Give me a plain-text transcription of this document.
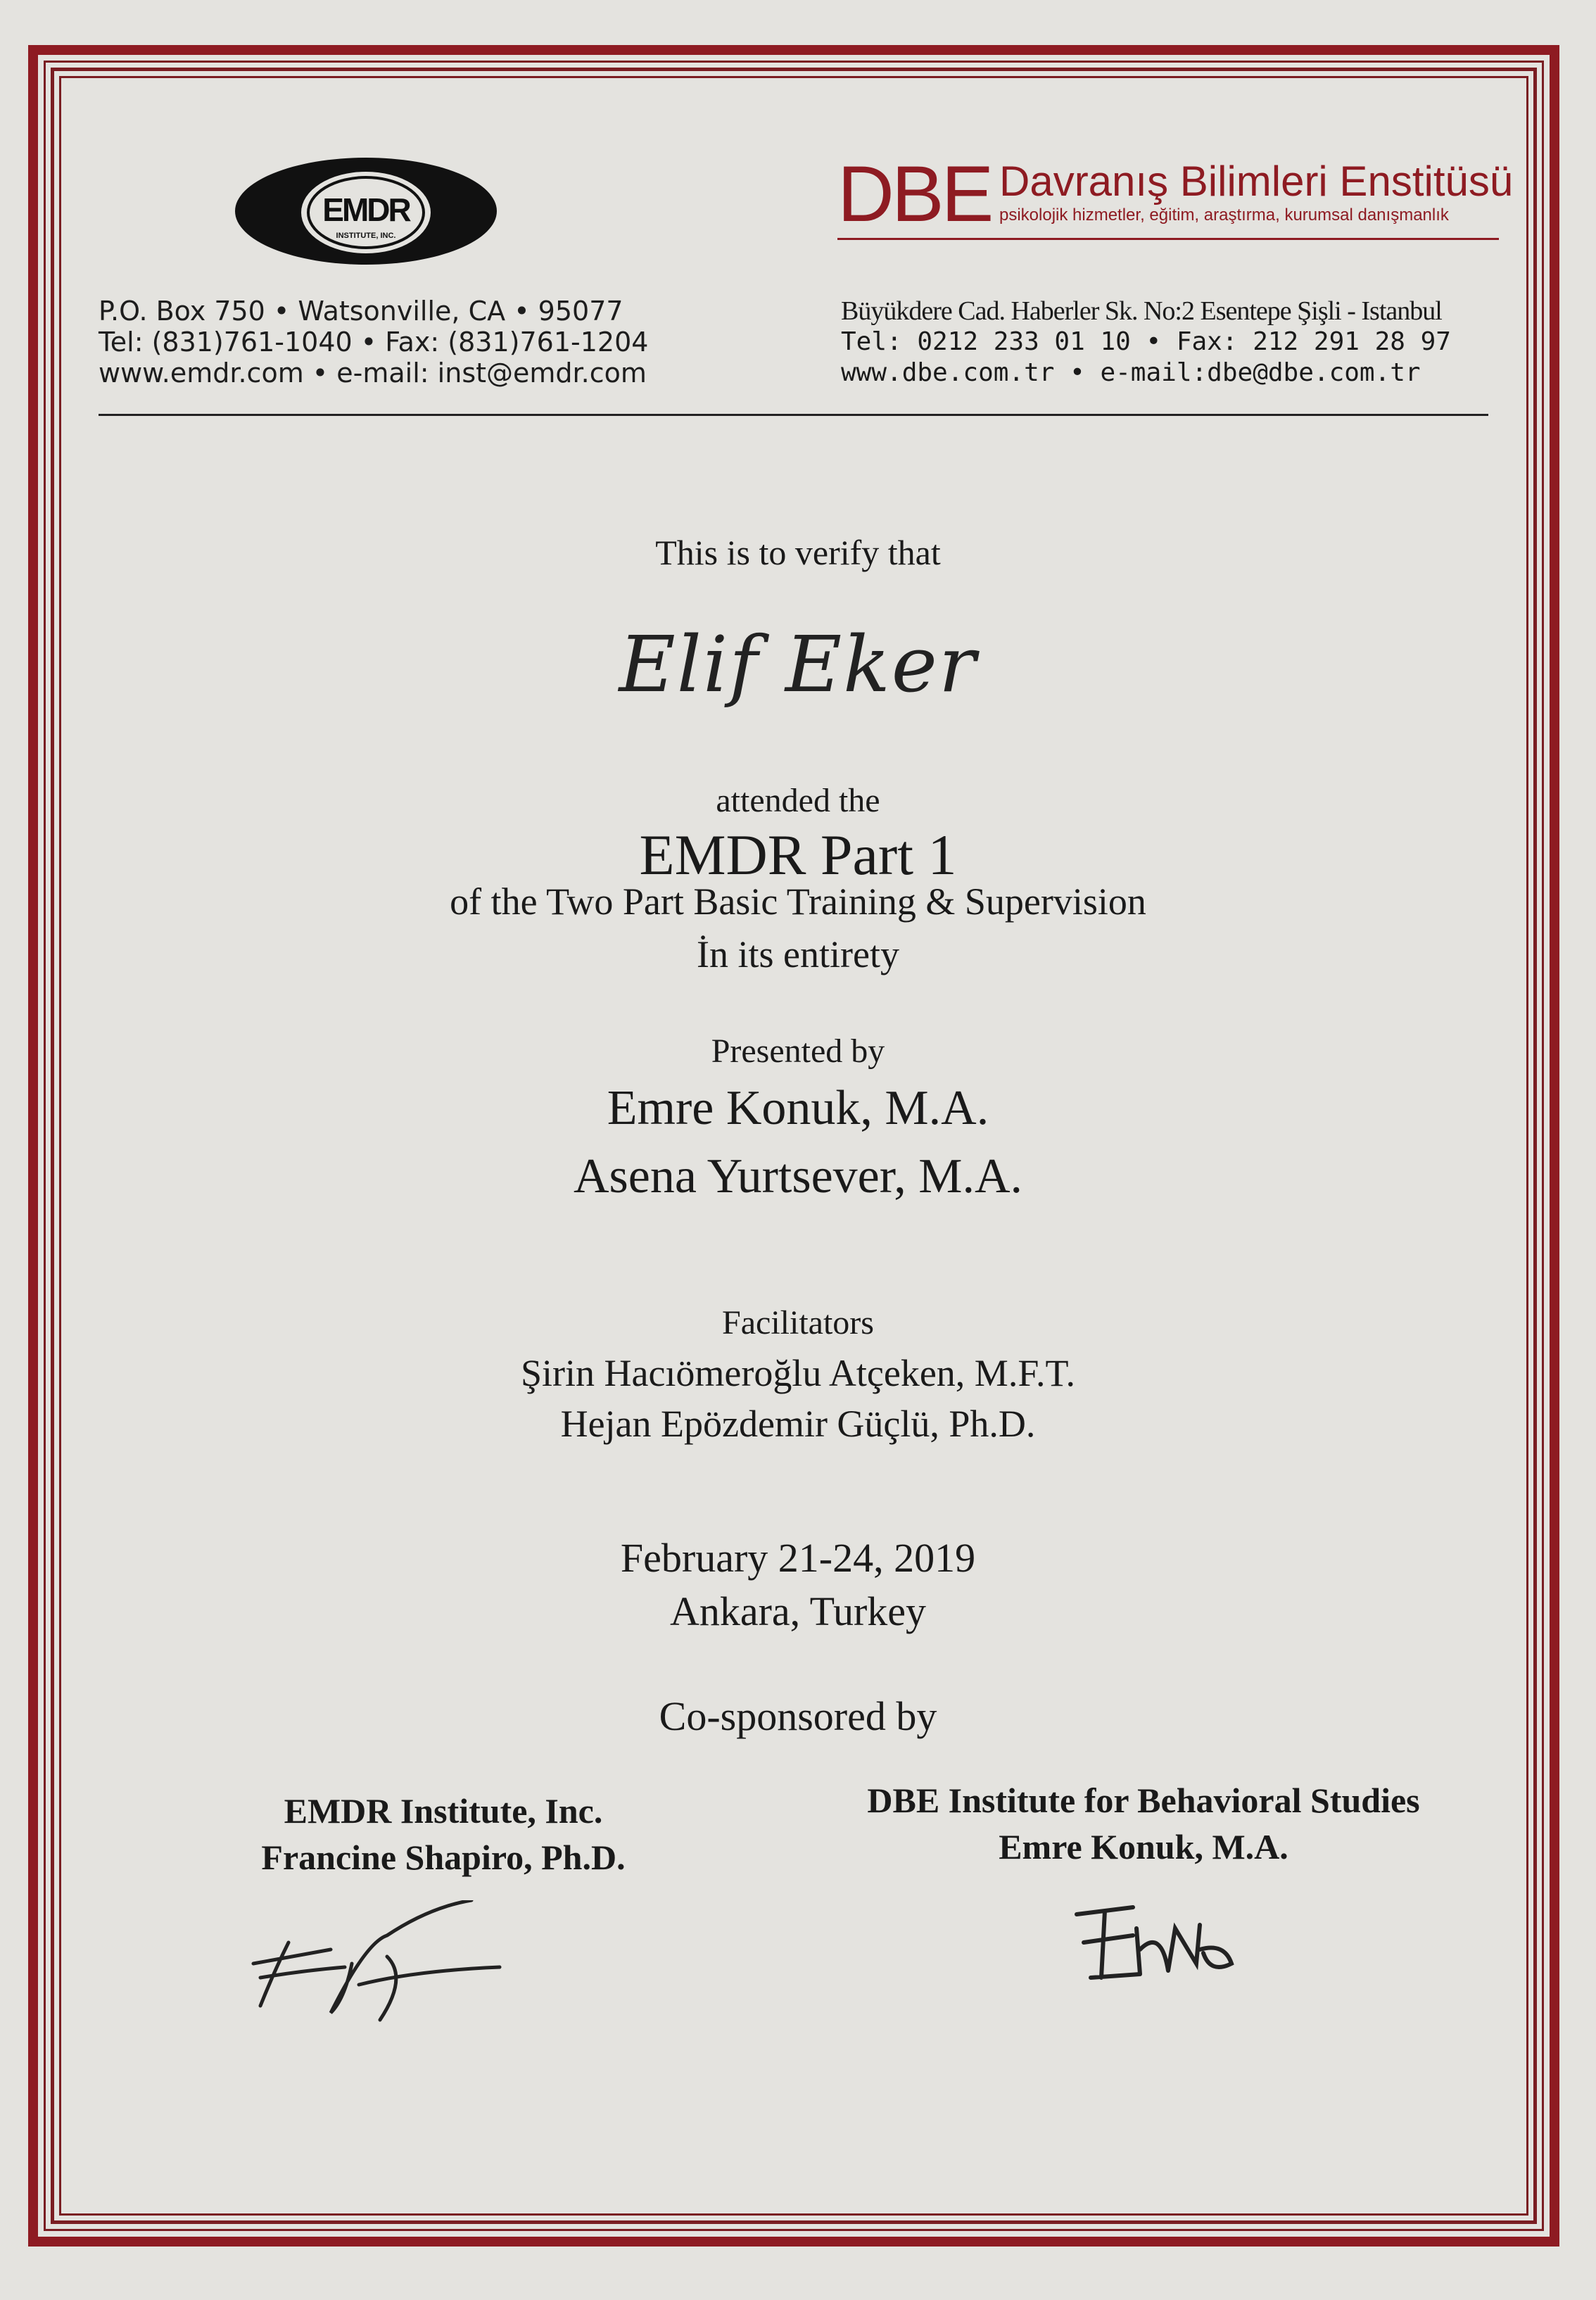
EMDR
INSTITUTE, INC.
P.O. Box 750 • Watsonville, CA • 95077
Tel: (831)761-1040 • Fax: (831)761-1204
www.emdr.com • e-mail: inst@emdr.com
DBE Davranış Bilimleri Enstitüsü
psikolojik hizmetler, eğitim, araştırma, kurumsal danışmanlık
Büyükdere Cad. Haberler Sk. No:2 Esentepe Şişli - Istanbul
Tel: 0212 233 01 10 • Fax: 212 291 28 97
www.dbe.com.tr • e-mail:dbe@dbe.com.tr
This is to verify that
Elif Eker
attended the
EMDR Part 1
of the Two Part Basic Training & Supervision
İn its entirety
Presented by
Emre Konuk, M.A.
Asena Yurtsever, M.A.
Facilitators
Şirin Hacıömeroğlu Atçeken, M.F.T.
Hejan Epözdemir Güçlü, Ph.D.
February 21-24, 2019
Ankara, Turkey
Co-sponsored by
EMDR Institute, Inc.
Francine Shapiro, Ph.D.
DBE Institute for Behavioral Studies
Emre Konuk, M.A.
